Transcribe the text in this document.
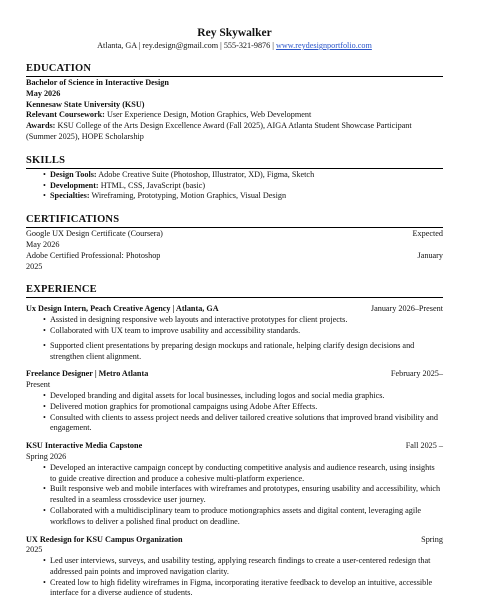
Rey Skywalker
Atlanta, GA | rey.design@gmail.com | 555-321-9876 | www.reydesignportfolio.com
EDUCATION
Bachelor of Science in Interactive Design
May 2026
Kennesaw State University (KSU)
Relevant Coursework: User Experience Design, Motion Graphics, Web Development
Awards: KSU College of the Arts Design Excellence Award (Fall 2025), AIGA Atlanta Student Showcase Participant (Summer 2025), HOPE Scholarship
SKILLS
• Design Tools: Adobe Creative Suite (Photoshop, Illustrator, XD), Figma, Sketch
• Development: HTML, CSS, JavaScript (basic)
• Specialties: Wireframing, Prototyping, Motion Graphics, Visual Design
CERTIFICATIONS
Google UX Design Certificate (Coursera)	Expected
May 2026
Adobe Certified Professional: Photoshop	January
2025
EXPERIENCE
Ux Design Intern, Peach Creative Agency | Atlanta, GA	January 2026–Present
• Assisted in designing responsive web layouts and interactive prototypes for client projects.
• Collaborated with UX team to improve usability and accessibility standards.
• Supported client presentations by preparing design mockups and rationale, helping clarify design decisions and strengthen client alignment.
Freelance Designer | Metro Atlanta	February 2025–
Present
• Developed branding and digital assets for local businesses, including logos and social media graphics.
• Delivered motion graphics for promotional campaigns using Adobe After Effects.
• Consulted with clients to assess project needs and deliver tailored creative solutions that improved brand visibility and engagement.
KSU Interactive Media Capstone	Fall 2025 –
Spring 2026
• Developed an interactive campaign concept by conducting competitive analysis and audience research, using insights to guide creative direction and produce a cohesive multi-platform experience.
• Built responsive web and mobile interfaces with wireframes and prototypes, ensuring usability and accessibility, which resulted in a seamless crossdevice user journey.
• Collaborated with a multidisciplinary team to produce motiongraphics assets and digital content, leveraging agile workflows to deliver a polished final product on deadline.
UX Redesign for KSU Campus Organization	Spring
2025
• Led user interviews, surveys, and usability testing, applying research findings to create a user-centered redesign that addressed pain points and improved navigation clarity.
• Created low to high fidelity wireframes in Figma, incorporating iterative feedback to develop an intuitive, accessible interface for a diverse audience of students.
